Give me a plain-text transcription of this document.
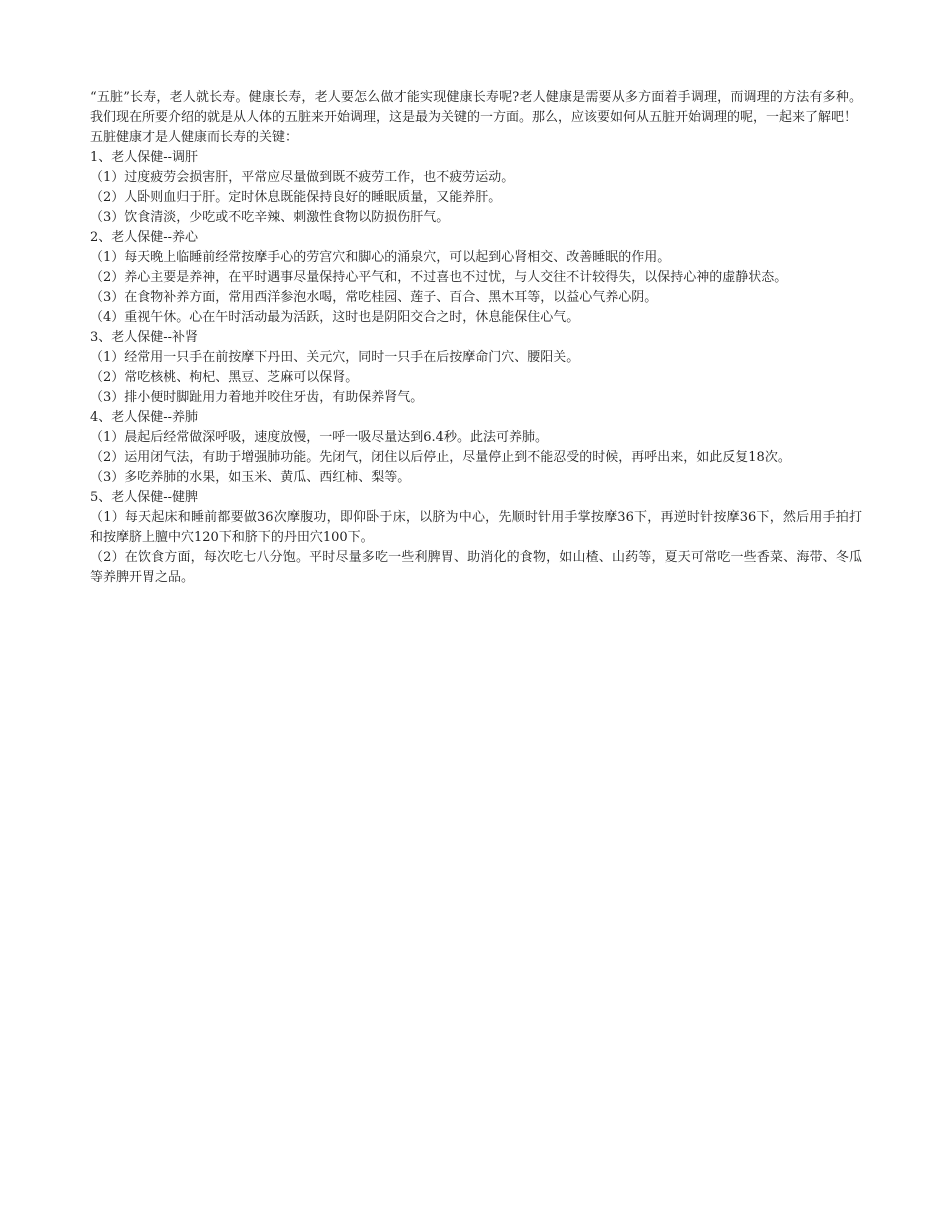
“五脏”长寿，老人就长寿。健康长寿，老人要怎么做才能实现健康长寿呢?老人健康是需要从多方面着手调理，而调理的方法有多种。我们现在所要介绍的就是从人体的五脏来开始调理，这是最为关键的一方面。那么，应该要如何从五脏开始调理的呢，一起来了解吧！

五脏健康才是人健康而长寿的关键：

1、老人保健--调肝

（1）过度疲劳会损害肝，平常应尽量做到既不疲劳工作，也不疲劳运动。

（2）人卧则血归于肝。定时休息既能保持良好的睡眠质量，又能养肝。

（3）饮食清淡，少吃或不吃辛辣、刺激性食物以防损伤肝气。

2、老人保健--养心

（1）每天晚上临睡前经常按摩手心的劳宫穴和脚心的涌泉穴，可以起到心肾相交、改善睡眠的作用。

（2）养心主要是养神，在平时遇事尽量保持心平气和，不过喜也不过忧，与人交往不计较得失，以保持心神的虚静状态。

（3）在食物补养方面，常用西洋参泡水喝，常吃桂园、莲子、百合、黑木耳等，以益心气养心阴。

（4）重视午休。心在午时活动最为活跃，这时也是阴阳交合之时，休息能保住心气。

3、老人保健--补肾

（1）经常用一只手在前按摩下丹田、关元穴，同时一只手在后按摩命门穴、腰阳关。

（2）常吃核桃、枸杞、黑豆、芝麻可以保肾。

（3）排小便时脚趾用力着地并咬住牙齿，有助保养肾气。

4、老人保健--养肺

（1）晨起后经常做深呼吸，速度放慢，一呼一吸尽量达到6.4秒。此法可养肺。

（2）运用闭气法，有助于增强肺功能。先闭气，闭住以后停止，尽量停止到不能忍受的时候，再呼出来，如此反复18次。

（3）多吃养肺的水果，如玉米、黄瓜、西红柿、梨等。

5、老人保健--健脾

（1）每天起床和睡前都要做36次摩腹功，即仰卧于床，以脐为中心，先顺时针用手掌按摩36下，再逆时针按摩36下，然后用手拍打和按摩脐上膻中穴120下和脐下的丹田穴100下。

（2）在饮食方面，每次吃七八分饱。平时尽量多吃一些利脾胃、助消化的食物，如山楂、山药等，夏天可常吃一些香菜、海带、冬瓜等养脾开胃之品。
